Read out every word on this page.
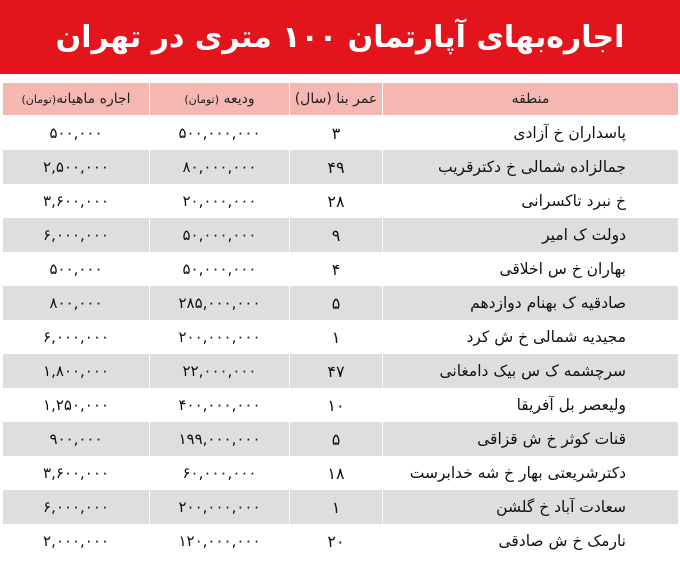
اجاره‌بهای آپارتمان ۱۰۰ متری در تهران
منطقه	عمر بنا (سال)	ودیعه (تومان)	اجاره ماهیانه(تومان)
پاسداران خ آزادی	۳	۵۰۰,۰۰۰,۰۰۰	۵۰۰,۰۰۰
جمالزاده شمالی خ دکترقریب	۴۹	۸۰,۰۰۰,۰۰۰	۲,۵۰۰,۰۰۰
خ نبرد تاکسرانی	۲۸	۲۰,۰۰۰,۰۰۰	۳,۶۰۰,۰۰۰
دولت ک امیر	۹	۵۰,۰۰۰,۰۰۰	۶,۰۰۰,۰۰۰
بهاران خ س اخلاقی	۴	۵۰,۰۰۰,۰۰۰	۵۰۰,۰۰۰
صادقیه ک بهنام دوازدهم	۵	۲۸۵,۰۰۰,۰۰۰	۸۰۰,۰۰۰
مجیدیه شمالی خ ش کرد	۱	۲۰۰,۰۰۰,۰۰۰	۶,۰۰۰,۰۰۰
سرچشمه ک س بیک دامغانی	۴۷	۲۲,۰۰۰,۰۰۰	۱,۸۰۰,۰۰۰
ولیعصر بل آفریقا	۱۰	۴۰۰,۰۰۰,۰۰۰	۱,۲۵۰,۰۰۰
قنات کوثر خ ش قزاقی	۵	۱۹۹,۰۰۰,۰۰۰	۹۰۰,۰۰۰
دکترشریعتی بهار خ شه خدابرست	۱۸	۶۰,۰۰۰,۰۰۰	۳,۶۰۰,۰۰۰
سعادت آباد خ گلشن	۱	۲۰۰,۰۰۰,۰۰۰	۶,۰۰۰,۰۰۰
نارمک خ ش صادقی	۲۰	۱۲۰,۰۰۰,۰۰۰	۲,۰۰۰,۰۰۰
